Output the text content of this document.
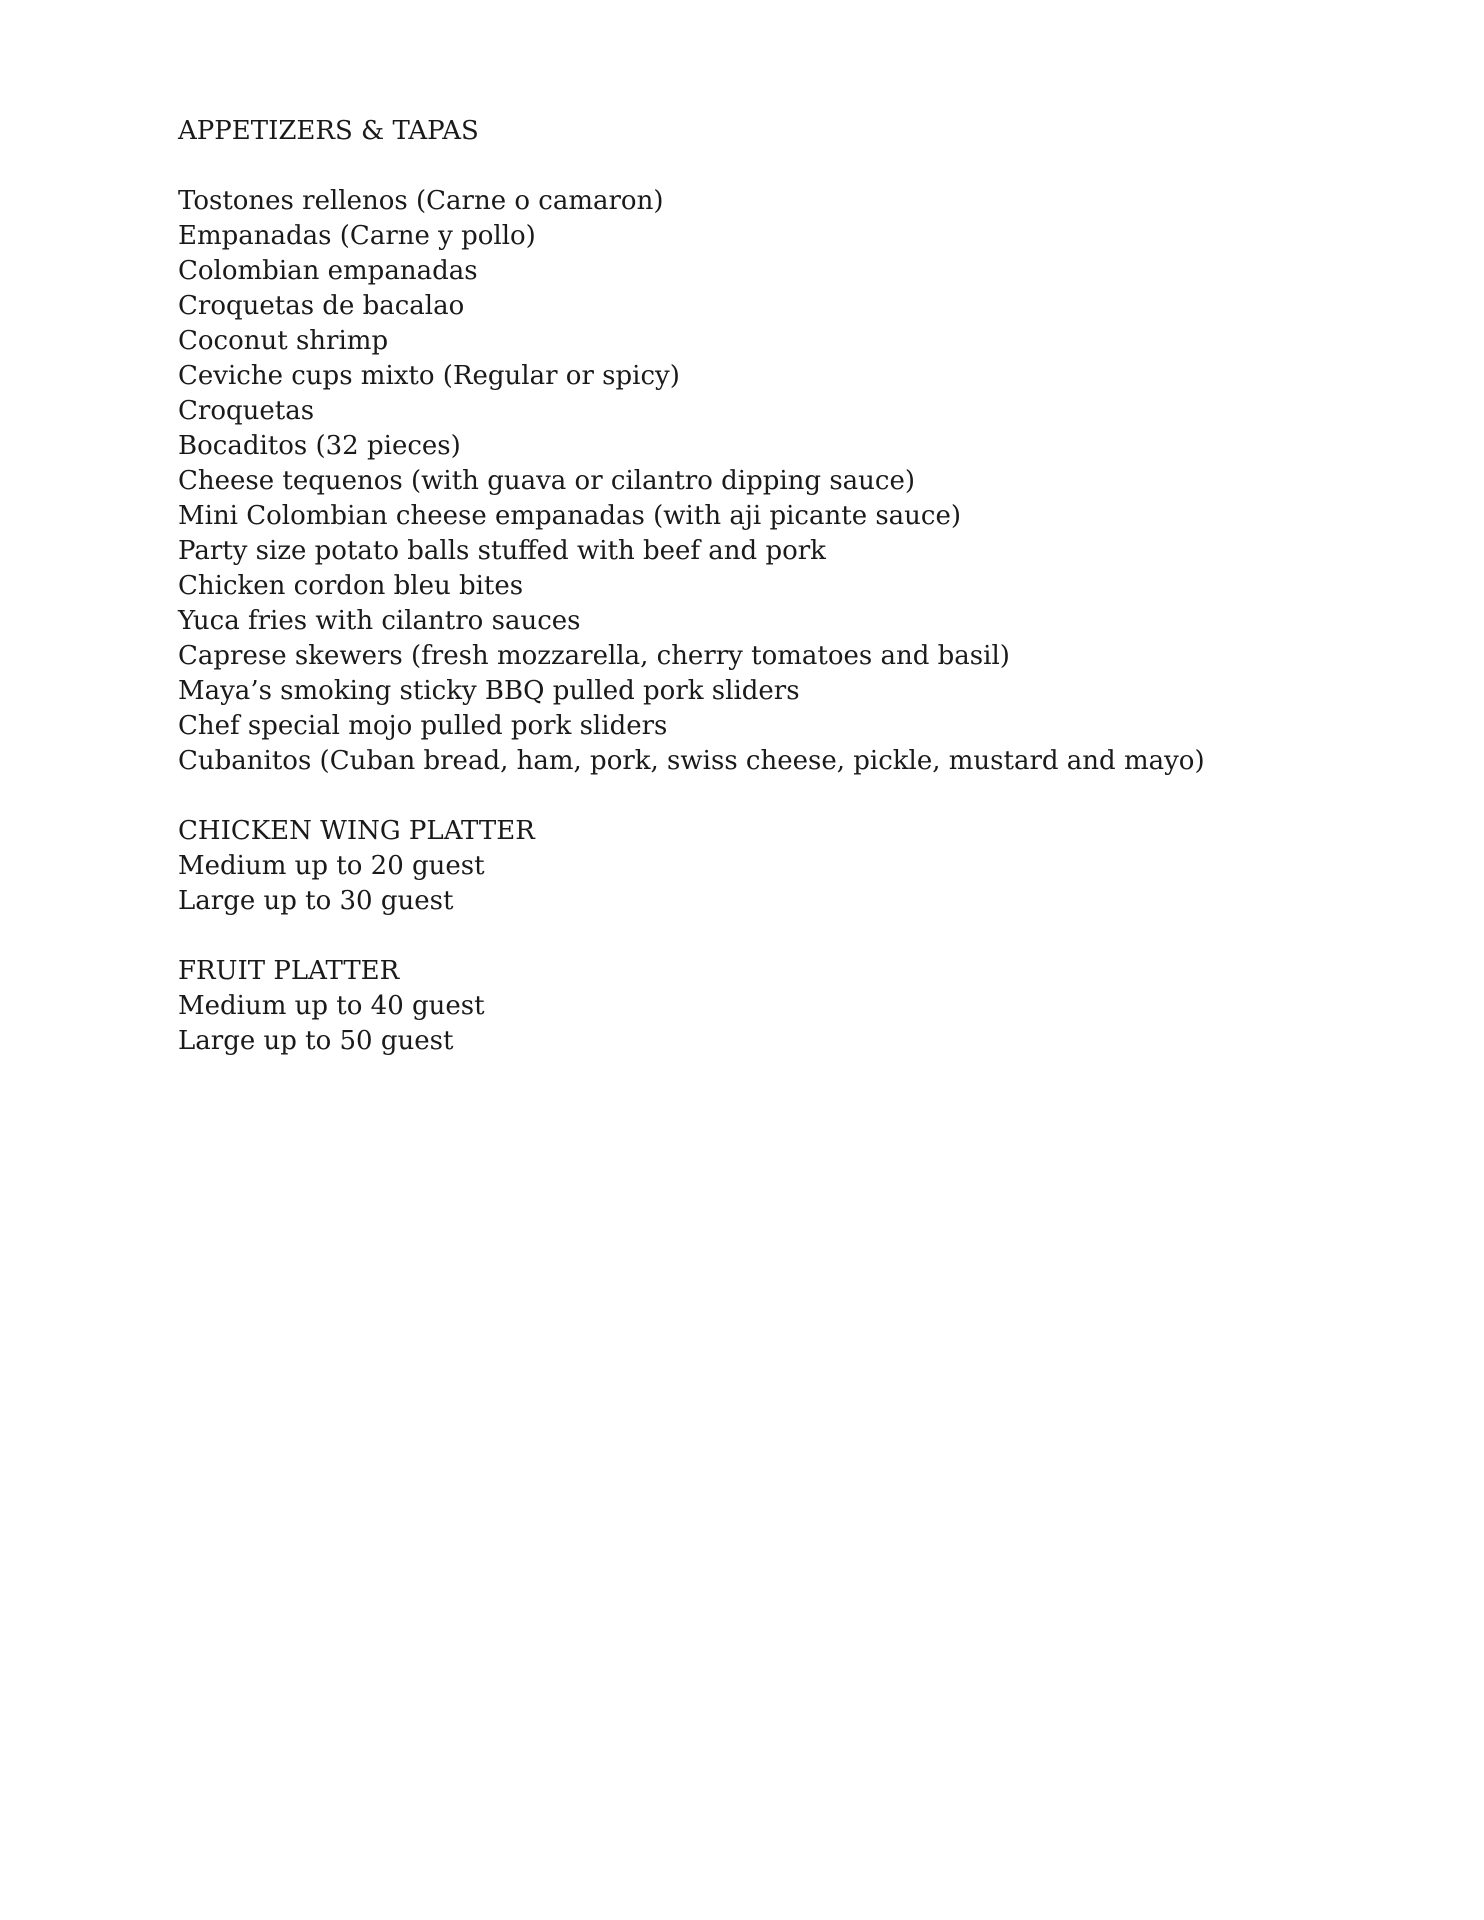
APPETIZERS & TAPAS
Tostones rellenos (Carne o camaron)
Empanadas (Carne y pollo)
Colombian empanadas
Croquetas de bacalao
Coconut shrimp
Ceviche cups mixto (Regular or spicy)
Croquetas
Bocaditos (32 pieces)
Cheese tequenos (with guava or cilantro dipping sauce)
Mini Colombian cheese empanadas (with aji picante sauce)
Party size potato balls stuffed with beef and pork
Chicken cordon bleu bites
Yuca fries with cilantro sauces
Caprese skewers (fresh mozzarella, cherry tomatoes and basil)
Maya’s smoking sticky BBQ pulled pork sliders
Chef special mojo pulled pork sliders
Cubanitos (Cuban bread, ham, pork, swiss cheese, pickle, mustard and mayo)
CHICKEN WING PLATTER
Medium up to 20 guest
Large up to 30 guest
FRUIT PLATTER
Medium up to 40 guest
Large up to 50 guest
